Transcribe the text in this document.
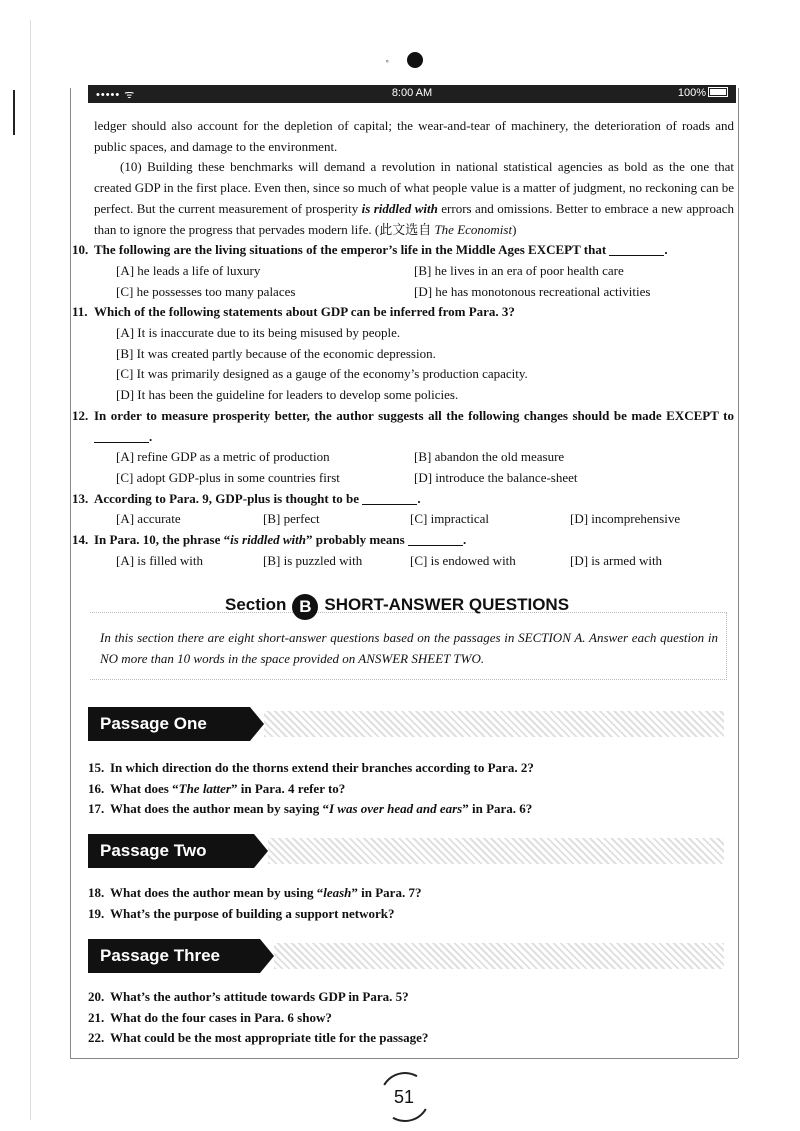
∘
••••• ᯤ	8:00 AM	100%
ledger should also account for the depletion of capital; the wear-and-tear of machinery, the deterioration of roads and public spaces, and damage to the environment.
(10) Building these benchmarks will demand a revolution in national statistical agencies as bold as the one that created GDP in the first place. Even then, since so much of what people value is a matter of judgment, no reckoning can be perfect. But the current measurement of prosperity is riddled with errors and omissions. Better to embrace a new approach than to ignore the progress that pervades modern life. (此文选自 The Economist)
10. The following are the living situations of the emperor’s life in the Middle Ages EXCEPT that	.
[A] he leads a life of luxury	[B] he lives in an era of poor health care
[C] he possesses too many palaces	[D] he has monotonous recreational activities
11. Which of the following statements about GDP can be inferred from Para. 3?
[A] It is inaccurate due to its being misused by people.
[B] It was created partly because of the economic depression.
[C] It was primarily designed as a gauge of the economy’s production capacity.
[D] It has been the guideline for leaders to develop some policies.
12. In order to measure prosperity better, the author suggests all the following changes should be made EXCEPT to .
[A] refine GDP as a metric of production	[B] abandon the old measure
[C] adopt GDP-plus in some countries first	[D] introduce the balance-sheet
13. According to Para. 9, GDP-plus is thought to be	.
[A] accurate	[B] perfect	[C] impractical	[D] incomprehensive
14. In Para. 10, the phrase “is riddled with” probably means	.
[A] is filled with	[B] is puzzled with	[C] is endowed with	[D] is armed with
Section B SHORT-ANSWER QUESTIONS
In this section there are eight short-answer questions based on the passages in SECTION A. Answer each question in NO more than 10 words in the space provided on ANSWER SHEET TWO.
Passage One
15. In which direction do the thorns extend their branches according to Para. 2?
16. What does “The latter” in Para. 4 refer to?
17. What does the author mean by saying “I was over head and ears” in Para. 6?
Passage Two
18. What does the author mean by using “leash” in Para. 7?
19. What’s the purpose of building a support network?
Passage Three
20. What’s the author’s attitude towards GDP in Para. 5?
21. What do the four cases in Para. 6 show?
22. What could be the most appropriate title for the passage?
51
